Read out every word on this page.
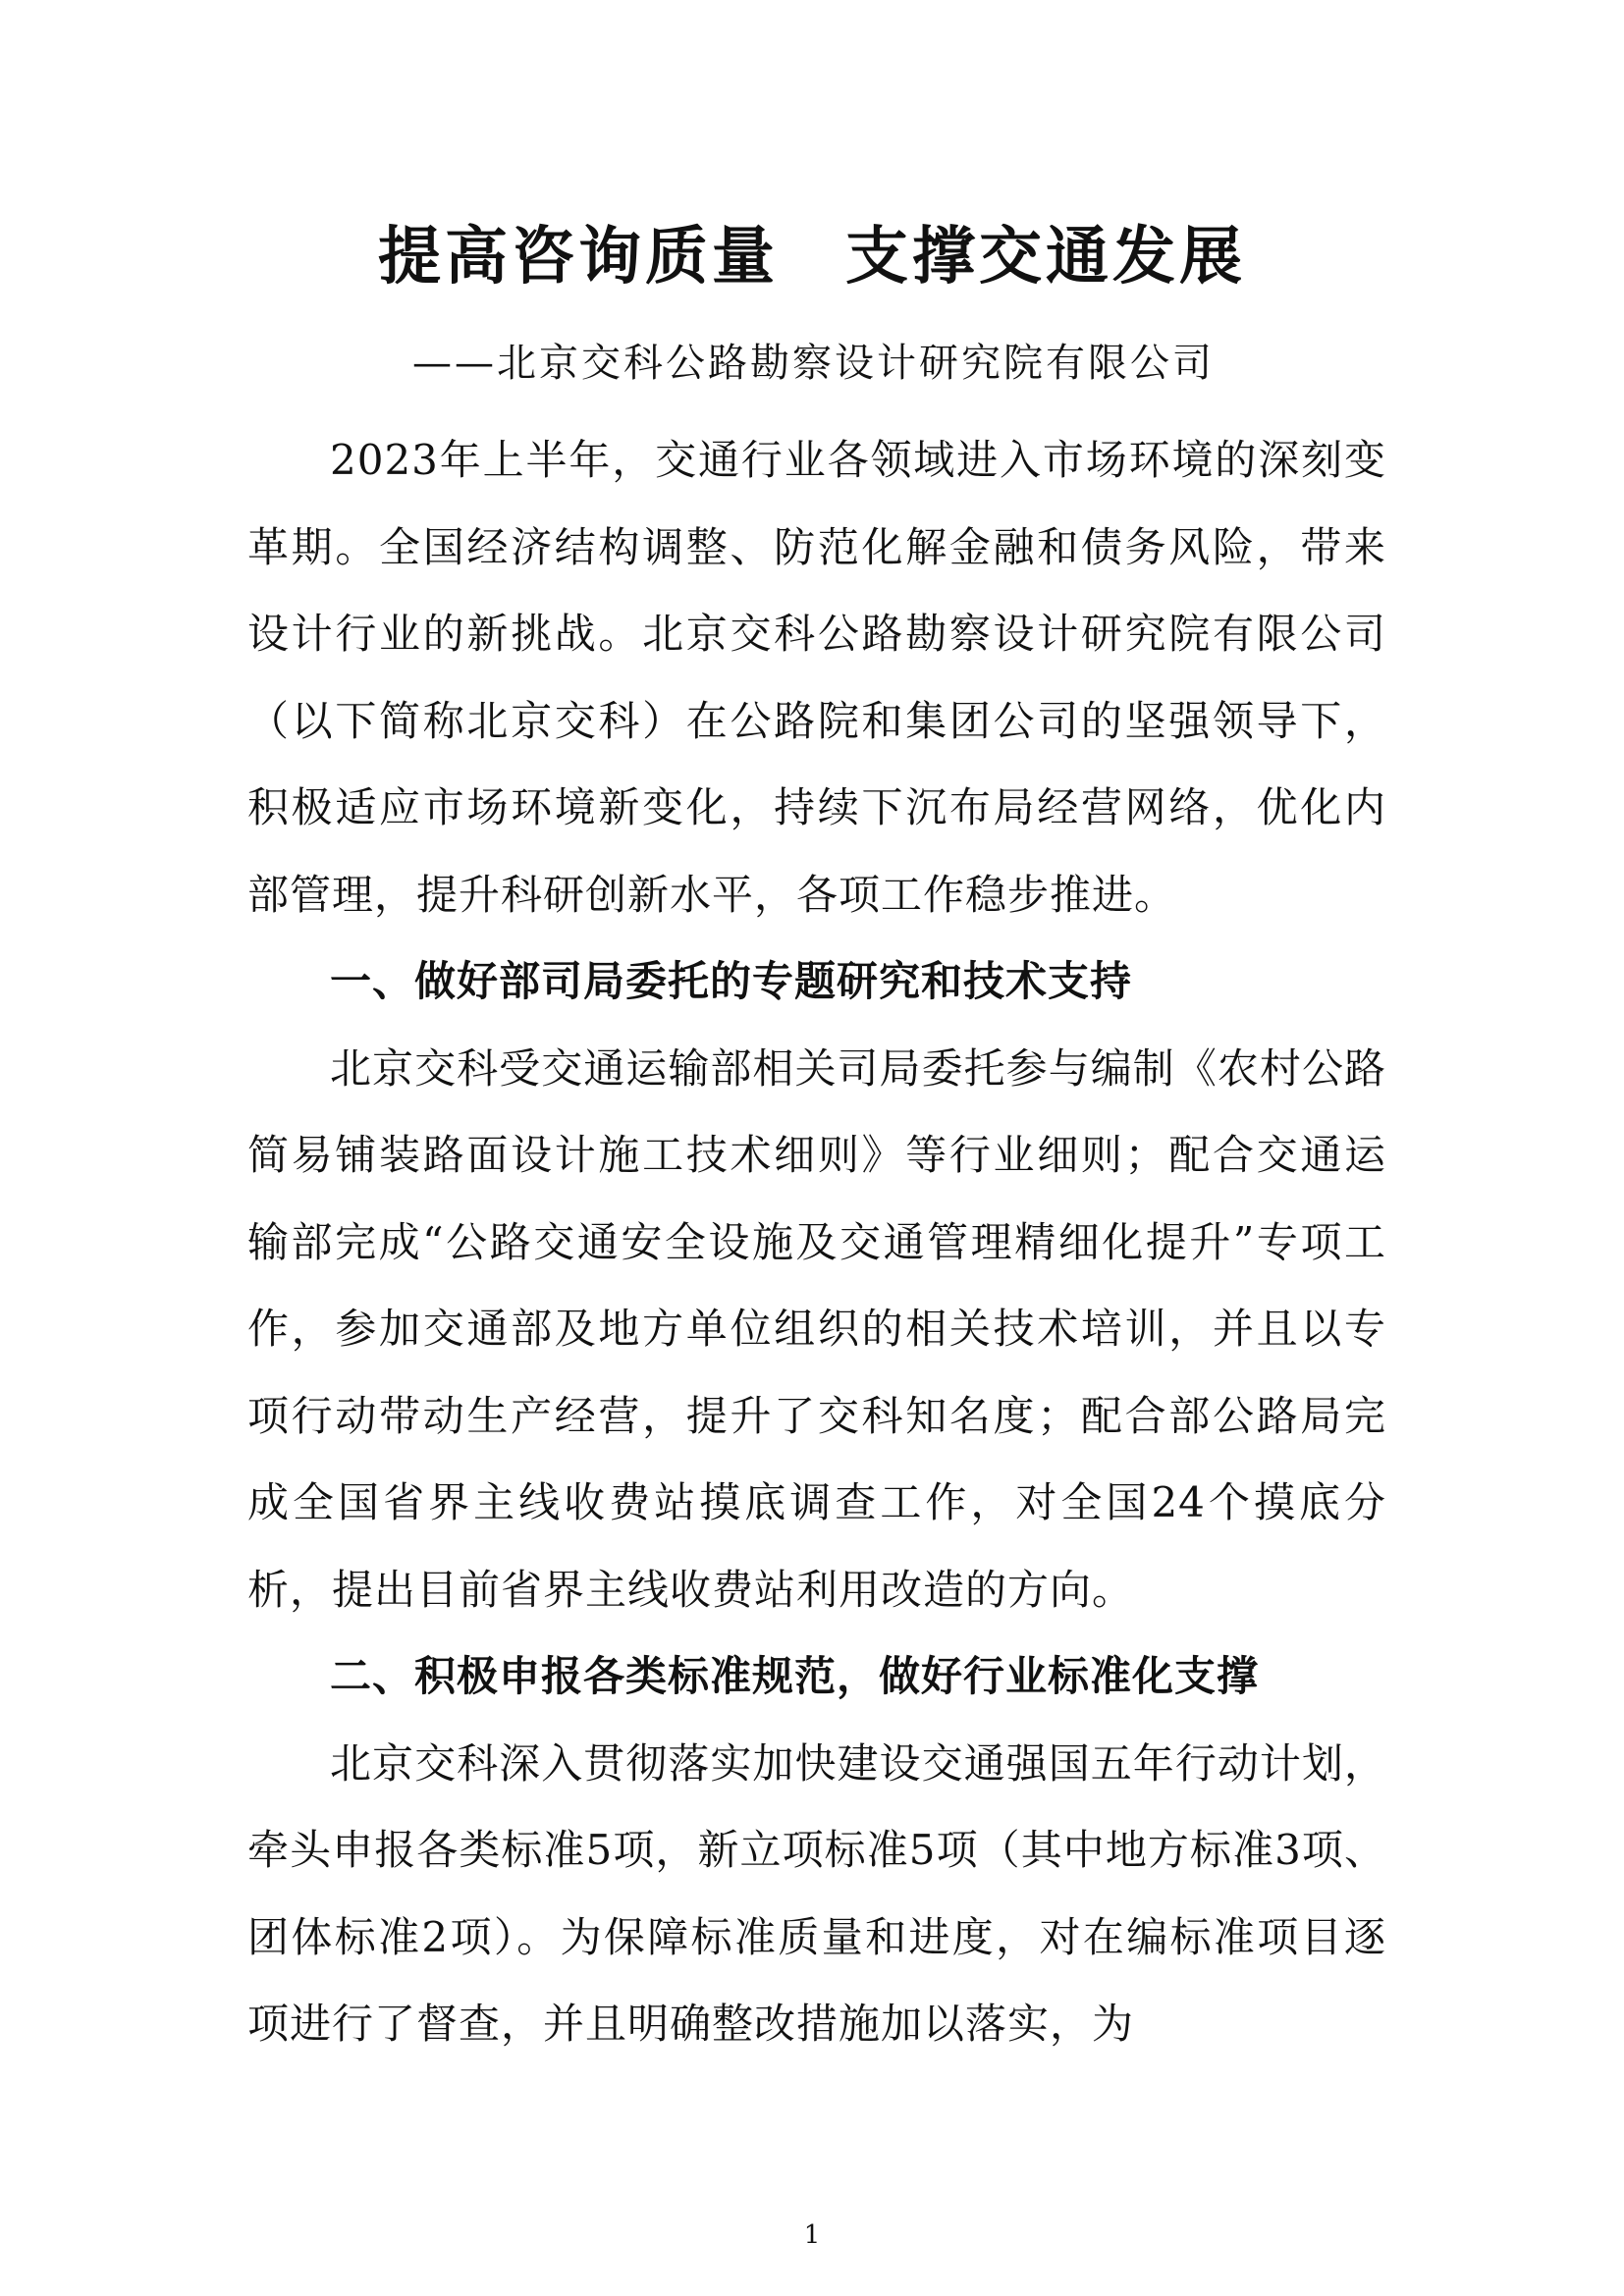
提高咨询质量　支撑交通发展
——北京交科公路勘察设计研究院有限公司

2023年上半年，交通行业各领域进入市场环境的深刻变革期。全国经济结构调整、防范化解金融和债务风险，带来设计行业的新挑战。北京交科公路勘察设计研究院有限公司（以下简称北京交科）在公路院和集团公司的坚强领导下，积极适应市场环境新变化，持续下沉布局经营网络，优化内部管理，提升科研创新水平，各项工作稳步推进。

一、做好部司局委托的专题研究和技术支持

北京交科受交通运输部相关司局委托参与编制《农村公路简易铺装路面设计施工技术细则》等行业细则；配合交通运输部完成“公路交通安全设施及交通管理精细化提升”专项工作，参加交通部及地方单位组织的相关技术培训，并且以专项行动带动生产经营，提升了交科知名度；配合部公路局完成全国省界主线收费站摸底调查工作，对全国24个摸底分析，提出目前省界主线收费站利用改造的方向。

二、积极申报各类标准规范，做好行业标准化支撑

北京交科深入贯彻落实加快建设交通强国五年行动计划，牵头申报各类标准5项，新立项标准5项（其中地方标准3项、团体标准2项）。为保障标准质量和进度，对在编标准项目逐项进行了督查，并且明确整改措施加以落实，为

1
